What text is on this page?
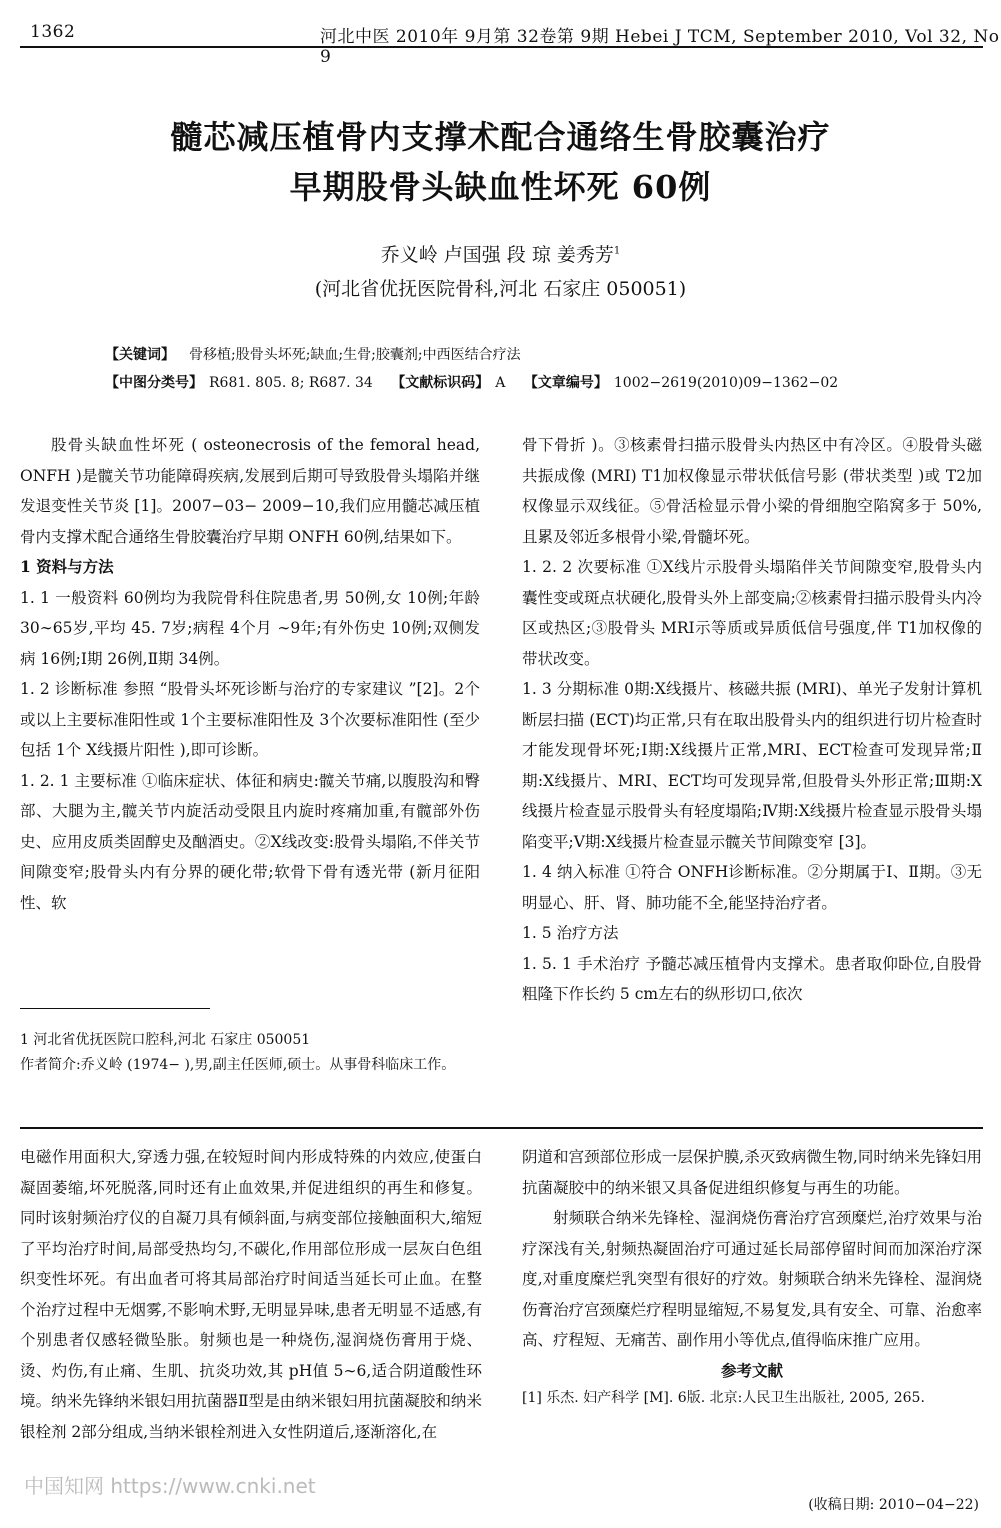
1362	河北中医 2010年 9月第 32卷第 9期 Hebei J TCM, September 2010, Vol 32, No 9
髓芯减压植骨内支撑术配合通络生骨胶囊治疗
早期股骨头缺血性坏死 60例
乔义岭 卢国强 段 琼 姜秀芳$^1$
(河北省优抚医院骨科,河北 石家庄 050051)
【关键词】 骨移植;股骨头坏死;缺血;生骨;胶囊剂;中西医结合疗法
【中图分类号】 R681. 805. 8; R687. 34 【文献标识码】 A 【文章编号】 1002−2619(2010)09−1362−02

股骨头缺血性坏死 ( osteonecrosis of the femoral head, ONFH )是髋关节功能障碍疾病,发展到后期可导致股骨头塌陷并继发退变性关节炎 [1]。2007−03− 2009−10,我们应用髓芯减压植骨内支撑术配合通络生骨胶囊治疗早期 ONFH 60例,结果如下。

1 资料与方法

1. 1 一般资料 60例均为我院骨科住院患者,男 50例,女 10例;年龄 30∼65岁,平均 45. 7岁;病程 4个月 ∼9年;有外伤史 10例;双侧发病 16例;Ⅰ期 26例,Ⅱ期 34例。

1. 2 诊断标准 参照 “股骨头坏死诊断与治疗的专家建议 ”[2]。2个或以上主要标准阳性或 1个主要标准阳性及 3个次要标准阳性 (至少包括 1个 X线摄片阳性 ),即可诊断。

1. 2. 1 主要标准 ①临床症状、体征和病史:髋关节痛,以腹股沟和臀部、大腿为主,髋关节内旋活动受限且内旋时疼痛加重,有髋部外伤史、应用皮质类固醇史及酗酒史。②X线改变:股骨头塌陷,不伴关节间隙变窄;股骨头内有分界的硬化带;软骨下骨有透光带 (新月征阳性、软

骨下骨折 )。③核素骨扫描示股骨头内热区中有冷区。④股骨头磁共振成像 (MRI) T1加权像显示带状低信号影 (带状类型 )或 T2加权像显示双线征。⑤骨活检显示骨小梁的骨细胞空陷窝多于 50%,且累及邻近多根骨小梁,骨髓坏死。

1. 2. 2 次要标准 ①X线片示股骨头塌陷伴关节间隙变窄,股骨头内囊性变或斑点状硬化,股骨头外上部变扁;②核素骨扫描示股骨头内冷区或热区;③股骨头 MRI示等质或异质低信号强度,伴 T1加权像的带状改变。

1. 3 分期标准 0期:X线摄片、核磁共振 (MRI)、单光子发射计算机断层扫描 (ECT)均正常,只有在取出股骨头内的组织进行切片检查时才能发现骨坏死;Ⅰ期:X线摄片正常,MRI、ECT检查可发现异常;Ⅱ期:X线摄片、MRI、ECT均可发现异常,但股骨头外形正常;Ⅲ期:X线摄片检查显示股骨头有轻度塌陷;Ⅳ期:X线摄片检查显示股骨头塌陷变平;Ⅴ期:X线摄片检查显示髋关节间隙变窄 [3]。

1. 4 纳入标准 ①符合 ONFH诊断标准。②分期属于Ⅰ、Ⅱ期。③无明显心、肝、肾、肺功能不全,能坚持治疗者。

1. 5 治疗方法

1. 5. 1 手术治疗 予髓芯减压植骨内支撑术。患者取仰卧位,自股骨粗隆下作长约 5 cm左右的纵形切口,依次

1 河北省优抚医院口腔科,河北 石家庄 050051
作者简介:乔义岭 (1974− ),男,副主任医师,硕士。从事骨科临床工作。

电磁作用面积大,穿透力强,在较短时间内形成特殊的内效应,使蛋白凝固萎缩,坏死脱落,同时还有止血效果,并促进组织的再生和修复。同时该射频治疗仪的自凝刀具有倾斜面,与病变部位接触面积大,缩短了平均治疗时间,局部受热均匀,不碳化,作用部位形成一层灰白色组织变性坏死。有出血者可将其局部治疗时间适当延长可止血。在整个治疗过程中无烟雾,不影响术野,无明显异味,患者无明显不适感,有个别患者仅感轻微坠胀。射频也是一种烧伤,湿润烧伤膏用于烧、烫、灼伤,有止痛、生肌、抗炎功效,其 pH值 5∼6,适合阴道酸性环境。纳米先锋纳米银妇用抗菌器Ⅱ型是由纳米银妇用抗菌凝胶和纳米银栓剂 2部分组成,当纳米银栓剂进入女性阴道后,逐渐溶化,在

阴道和宫颈部位形成一层保护膜,杀灭致病微生物,同时纳米先锋妇用抗菌凝胶中的纳米银又具备促进组织修复与再生的功能。

射频联合纳米先锋栓、湿润烧伤膏治疗宫颈糜烂,治疗效果与治疗深浅有关,射频热凝固治疗可通过延长局部停留时间而加深治疗深度,对重度糜烂乳突型有很好的疗效。射频联合纳米先锋栓、湿润烧伤膏治疗宫颈糜烂疗程明显缩短,不易复发,具有安全、可靠、治愈率高、疗程短、无痛苦、副作用小等优点,值得临床推广应用。

参考文献
[1] 乐杰. 妇产科学 [M]. 6版. 北京:人民卫生出版社, 2005, 265.
中国知网 https://www.cnki.net
(收稿日期: 2010−04−22)
